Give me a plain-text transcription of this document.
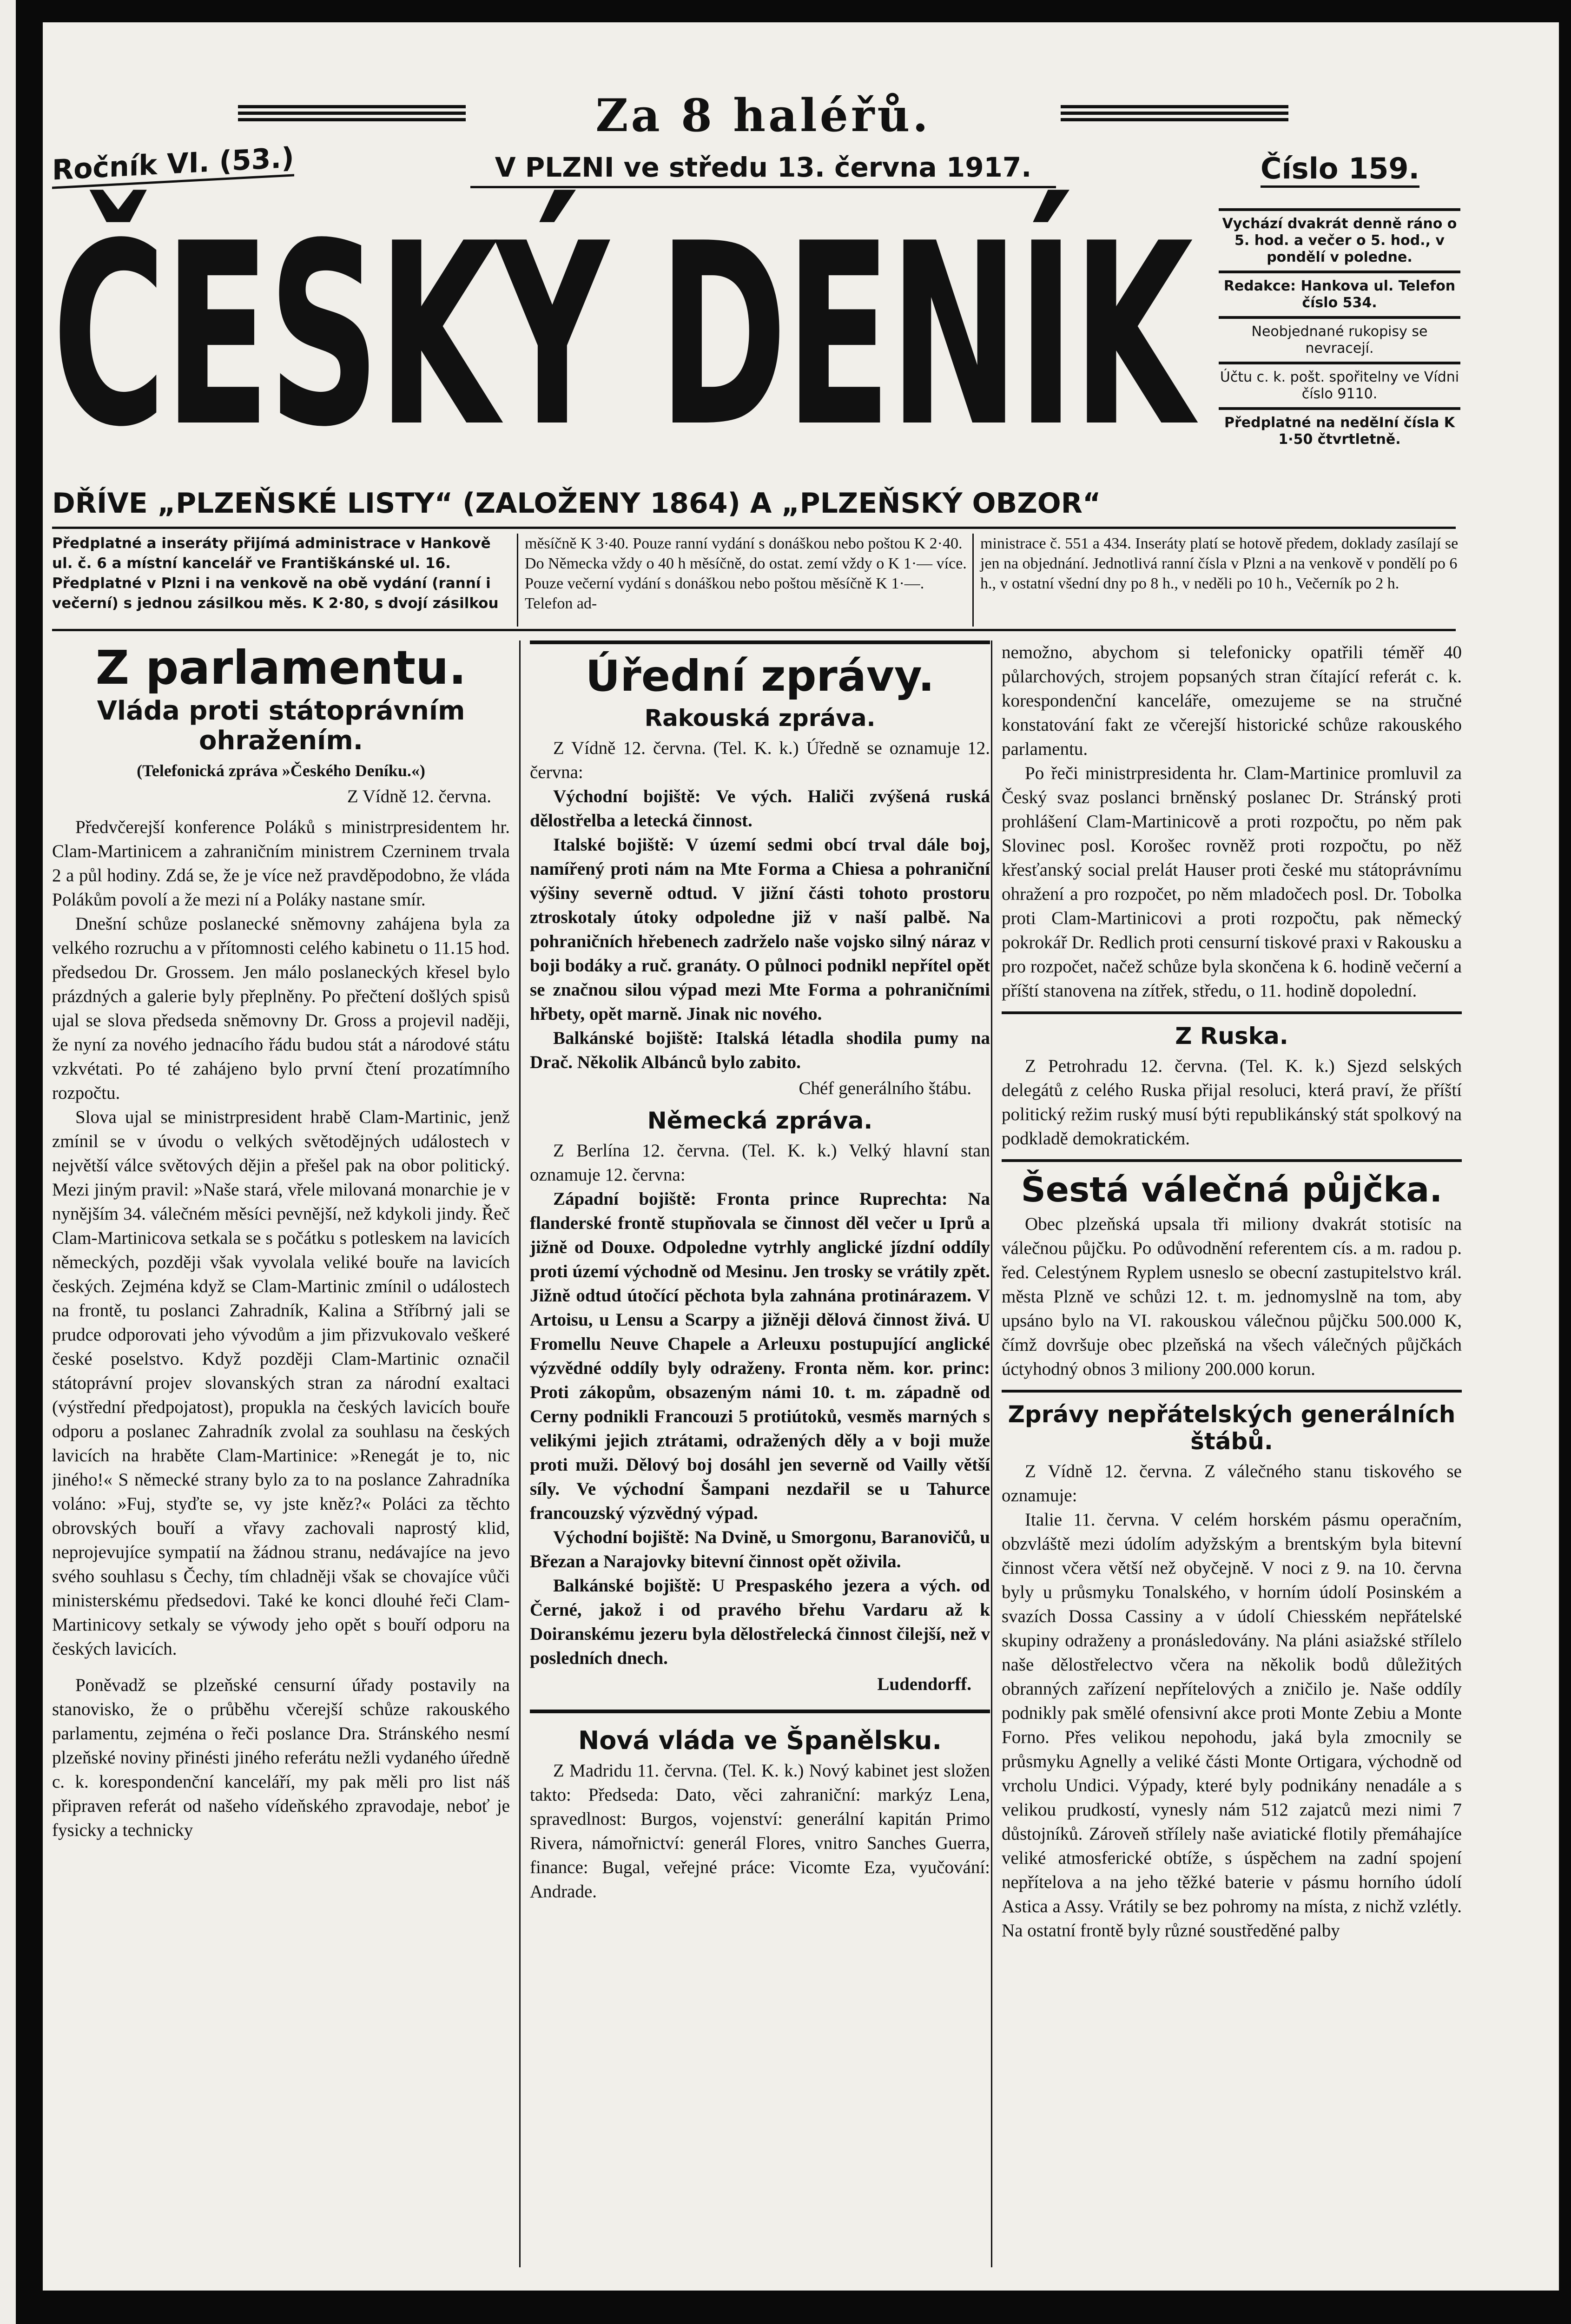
Za 8 haléřů.
Ročník VI. (53.)	V PLZNI ve středu 13. června 1917.	Číslo 159.
ČESKÝ DENÍK
DŘÍVE „PLZEŇSKÉ LISTY“ (ZALOŽENY 1864) A „PLZEŇSKÝ OBZOR“

Vychází dvakrát denně ráno o 5. hod. a večer o 5. hod., v pondělí v poledne.

Redakce: Hankova ul. Telefon číslo 534.

Neobjednané rukopisy se nevracejí.

Účtu c. k. pošt. spořitelny ve Vídni číslo 9110.

Předplatné na neděIní čísla K 1·50 čtvrtletně.

Předplatné a inseráty přijímá administrace v Hankově ul. č. 6 a místní kancelář ve Františkánské ul. 16. Předplatné v Plzni i na venkově na obě vydání (ranní i večerní) s jednou zásilkou měs. K 2·80, s dvojí zásilkou
měsíčně K 3·40. Pouze ranní vydání s donáškou nebo poštou K 2·40. Do Německa vždy o 40 h měsíčně, do ostat. zemí vždy o K 1·— více. Pouze večerní vydání s donáškou nebo poštou měsíčně K 1·—. Telefon ad-
ministrace č. 551 a 434. Inseráty platí se hotově předem, doklady zasílají se jen na objednání. Jednotlivá ranní čísla v Plzni a na venkově v pondělí po 6 h., v ostatní všední dny po 8 h., v neděli po 10 h., Večerník po 2 h.
Z parlamentu.
Vláda proti státoprávním ohražením.
(Telefonická zpráva »Českého Deníku.«)
Z Vídně 12. června.

Předvčerejší konference Poláků s ministrpresidentem hr. Clam-Martinicem a zahraničním ministrem Czerninem trvala 2 a půl hodiny. Zdá se, že je více než pravděpodobno, že vláda Polákům povolí a že mezi ní a Poláky nastane smír.

Dnešní schůze poslanecké sněmovny zahájena byla za velkého rozruchu a v přítomnosti celého kabinetu o 11.15 hod. předsedou Dr. Grossem. Jen málo poslaneckých křesel bylo prázdných a galerie byly přeplněny. Po přečtení došlých spisů ujal se slova předseda sněmovny Dr. Gross a projevil naději, že nyní za nového jednacího řádu budou stát a národové státu vzkvétati. Po té zahájeno bylo první čtení prozatímního rozpočtu.

Slova ujal se ministrpresident hrabě Clam-Martinic, jenž zmínil se v úvodu o velkých světodějných událostech v největší válce světových dějin a přešel pak na obor politický. Mezi jiným pravil: »Naše stará, vřele milovaná monarchie je v nynějším 34. válečném měsíci pevnější, než kdykoli jindy. Řeč Clam-Martinicova setkala se s počátku s potleskem na lavicích německých, později však vyvolala veliké bouře na lavicích českých. Zejména když se Clam-Martinic zmínil o událostech na frontě, tu poslanci Zahradník, Kalina a Stříbrný jali se prudce odporovati jeho vývodům a jim přizvukovalo veškeré české poselstvo. Když později Clam-Martinic označil státoprávní projev slovanských stran za národní exaltaci (výstřední předpojatost), propukla na českých lavicích bouře odporu a poslanec Zahradník zvolal za souhlasu na českých lavicích na hraběte Clam-Martinice: »Renegát je to, nic jiného!« S německé strany bylo za to na poslance Zahradníka voláno: »Fuj, styďte se, vy jste kněz?« Poláci za těchto obrovských bouří a vřavy zachovali naprostý klid, neprojevujíce sympatií na žádnou stranu, nedávajíce na jevo svého souhlasu s Čechy, tím chladněji však se chovajíce vůči ministerskému předsedovi. Také ke konci dlouhé řeči Clam-Martinicovy setkaly se výwody jeho opět s bouří odporu na českých lavicích.

Poněvadž se plzeňské censurní úřady postavily na stanovisko, že o průběhu včerejší schůze rakouského parlamentu, zejména o řeči poslance Dra. Stránského nesmí plzeňské noviny přinésti jiného referátu nežli vydaného úředně c. k. korespondenční kanceláří, my pak měli pro list náš připraven referát od našeho vídeňského zpravodaje, neboť je fysicky a technicky

Úřední zprávy.
Rakouská zpráva.

Z Vídně 12. června. (Tel. K. k.) Úředně se oznamuje 12. června:

Východní bojiště: Ve vých. Haliči zvýšená ruská dělostřelba a letecká činnost.

Italské bojiště: V území sedmi obcí trval dále boj, namířený proti nám na Mte Forma a Chiesa a pohraniční výšiny severně odtud. V jižní části tohoto prostoru ztroskotaly útoky odpoledne již v naší palbě. Na pohraničních hřebenech zadrželo naše vojsko silný náraz v boji bodáky a ruč. granáty. O půlnoci podnikl nepřítel opět se značnou silou výpad mezi Mte Forma a pohraničními hřbety, opět marně. Jinak nic nového.

Balkánské bojiště: Italská létadla shodila pumy na Drač. Několik Albánců bylo zabito.

Chéf generálního štábu.
Německá zpráva.

Z Berlína 12. června. (Tel. K. k.) Velký hlavní stan oznamuje 12. června:

Západní bojiště: Fronta prince Ruprechta: Na flanderské frontě stupňovala se činnost děl večer u Iprů a jižně od Douxe. Odpoledne vytrhly anglické jízdní oddíly proti území východně od Mesinu. Jen trosky se vrátily zpět. Jižně odtud útočící pěchota byla zahnána protinárazem. V Artoisu, u Lensu a Scarpy a jižněji dělová činnost živá. U Fromellu Neuve Chapele a Arleuxu postupující anglické výzvědné oddíly byly odraženy. Fronta něm. kor. princ: Proti zákopům, obsazeným námi 10. t. m. západně od Cerny podnikli Francouzi 5 protiútoků, vesměs marných s velikými jejich ztrátami, odražených děly a v boji muže proti muži. Dělový boj dosáhl jen severně od Vailly větší síly. Ve východní Šampani nezdařil se u Tahurce francouzský výzvědný výpad.

Východní bojiště: Na Dvině, u Smorgonu, Baranovičů, u Březan a Narajovky bitevní činnost opět oživila.

Balkánské bojiště: U Prespaského jezera a vých. od Černé, jakož i od pravého břehu Vardaru až k Doiranskému jezeru byla dělostřelecká činnost čilejší, než v posledních dnech.

Ludendorff.
Nová vláda ve Španělsku.

Z Madridu 11. června. (Tel. K. k.) Nový kabinet jest složen takto: Předseda: Dato, věci zahraniční: markýz Lena, spravedlnost: Burgos, vojenství: generální kapitán Primo Rivera, námořnictví: generál Flores, vnitro Sanches Guerra, finance: Bugal, veřejné práce: Vicomte Eza, vyučování: Andrade.

nemožno, abychom si telefonicky opatřili téměř 40 půlarchových, strojem popsaných stran čítající referát c. k. korespondenční kanceláře, omezujeme se na stručné konstatování fakt ze včerejší historické schůze rakouského parlamentu.

Po řeči ministrpresidenta hr. Clam-Martinice promluvil za Český svaz poslanci brněnský poslanec Dr. Stránský proti prohlášení Clam-Martinicově a proti rozpočtu, po něm pak Slovinec posl. Korošec rovněž proti rozpočtu, po něž křesťanský social prelát Hauser proti české mu státoprávnímu ohražení a pro rozpočet, po něm mladočech posl. Dr. Tobolka proti Clam-Martinicovi a proti rozpočtu, pak německý pokrokář Dr. Redlich proti censurní tiskové praxi v Rakousku a pro rozpočet, načež schůze byla skončena k 6. hodině večerní a příští stanovena na zítřek, středu, o 11. hodině dopolední.

Z Ruska.

Z Petrohradu 12. června. (Tel. K. k.) Sjezd selských delegátů z celého Ruska přijal resoluci, která praví, že příští politický režim ruský musí býti republikánský stát spolkový na podkladě demokratickém.

Šestá válečná půjčka.

Obec plzeňská upsala tři miliony dvakrát stotisíc na válečnou půjčku. Po odůvodnění referentem cís. a m. radou p. řed. Celestýnem Ryplem usneslo se obecní zastupitelstvo král. města Plzně ve schůzi 12. t. m. jednomyslně na tom, aby upsáno bylo na VI. rakouskou válečnou půjčku 500.000 K, čímž dovršuje obec plzeňská na všech válečných půjčkách úctyhodný obnos 3 miliony 200.000 korun.

Zprávy nepřátelských generálních štábů.

Z Vídně 12. června. Z válečného stanu tiskového se oznamuje:

Italie 11. června. V celém horském pásmu operačním, obzvláště mezi údolím adyžským a brentským byla bitevní činnost včera větší než obyčejně. V noci z 9. na 10. června byly u průsmyku Tonalského, v horním údolí Posinském a svazích Dossa Cassiny a v údolí Chiesském nepřátelské skupiny odraženy a pronásledovány. Na pláni asiažské střílelo naše dělostřelectvo včera na několik bodů důležitých obranných zařízení nepřítelových a zničilo je. Naše oddíly podnikly pak smělé ofensivní akce proti Monte Zebiu a Monte Forno. Přes velikou nepohodu, jaká byla zmocnily se průsmyku Agnelly a veliké části Monte Ortigara, východně od vrcholu Undici. Výpady, které byly podnikány nenadále a s velikou prudkostí, vynesly nám 512 zajatců mezi nimi 7 důstojníků. Zároveň střílely naše aviatické flotily přemáhajíce veliké atmosferické obtíže, s úspěchem na zadní spojení nepřítelova a na jeho těžké baterie v pásmu horního údolí Astica a Assy. Vrátily se bez pohromy na místa, z nichž vzlétly. Na ostatní frontě byly různé soustředěné palby
